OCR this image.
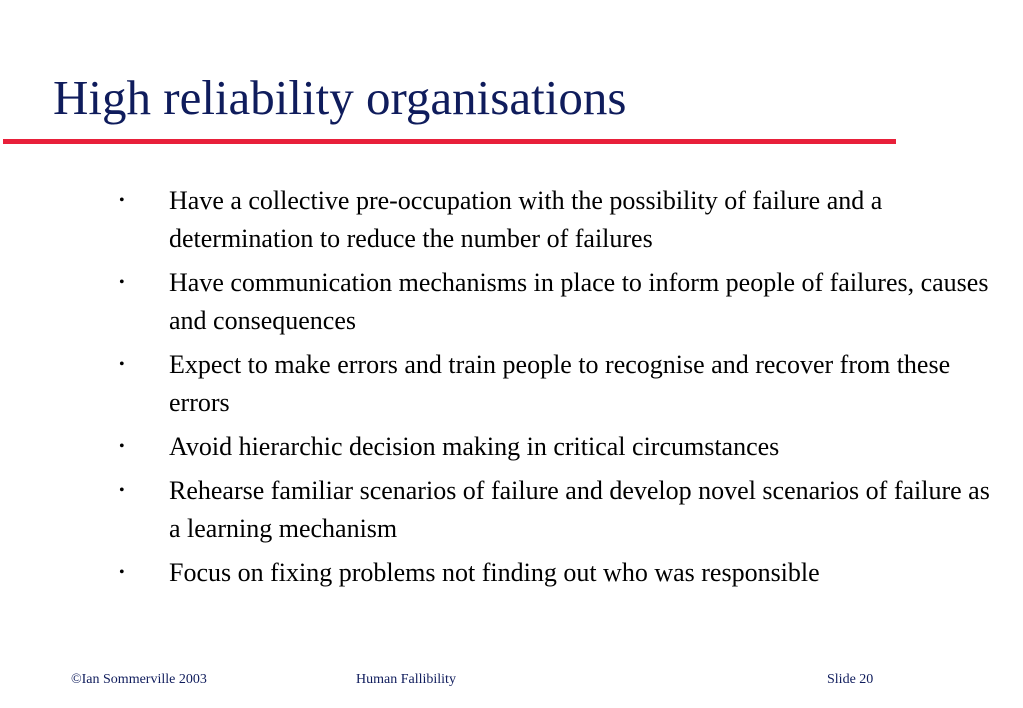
High reliability organisations
• Have a collective pre-occupation with the possibility of failure and a determination to reduce the number of failures
• Have communication mechanisms in place to inform people of failures, causes and consequences
• Expect to make errors and train people to recognise and recover from these errors
• Avoid hierarchic decision making in critical circumstances
• Rehearse familiar scenarios of failure and develop novel scenarios of failure as a learning mechanism
• Focus on fixing problems not finding out who was responsible
©Ian Sommerville 2003	Human Fallibility	Slide 20
